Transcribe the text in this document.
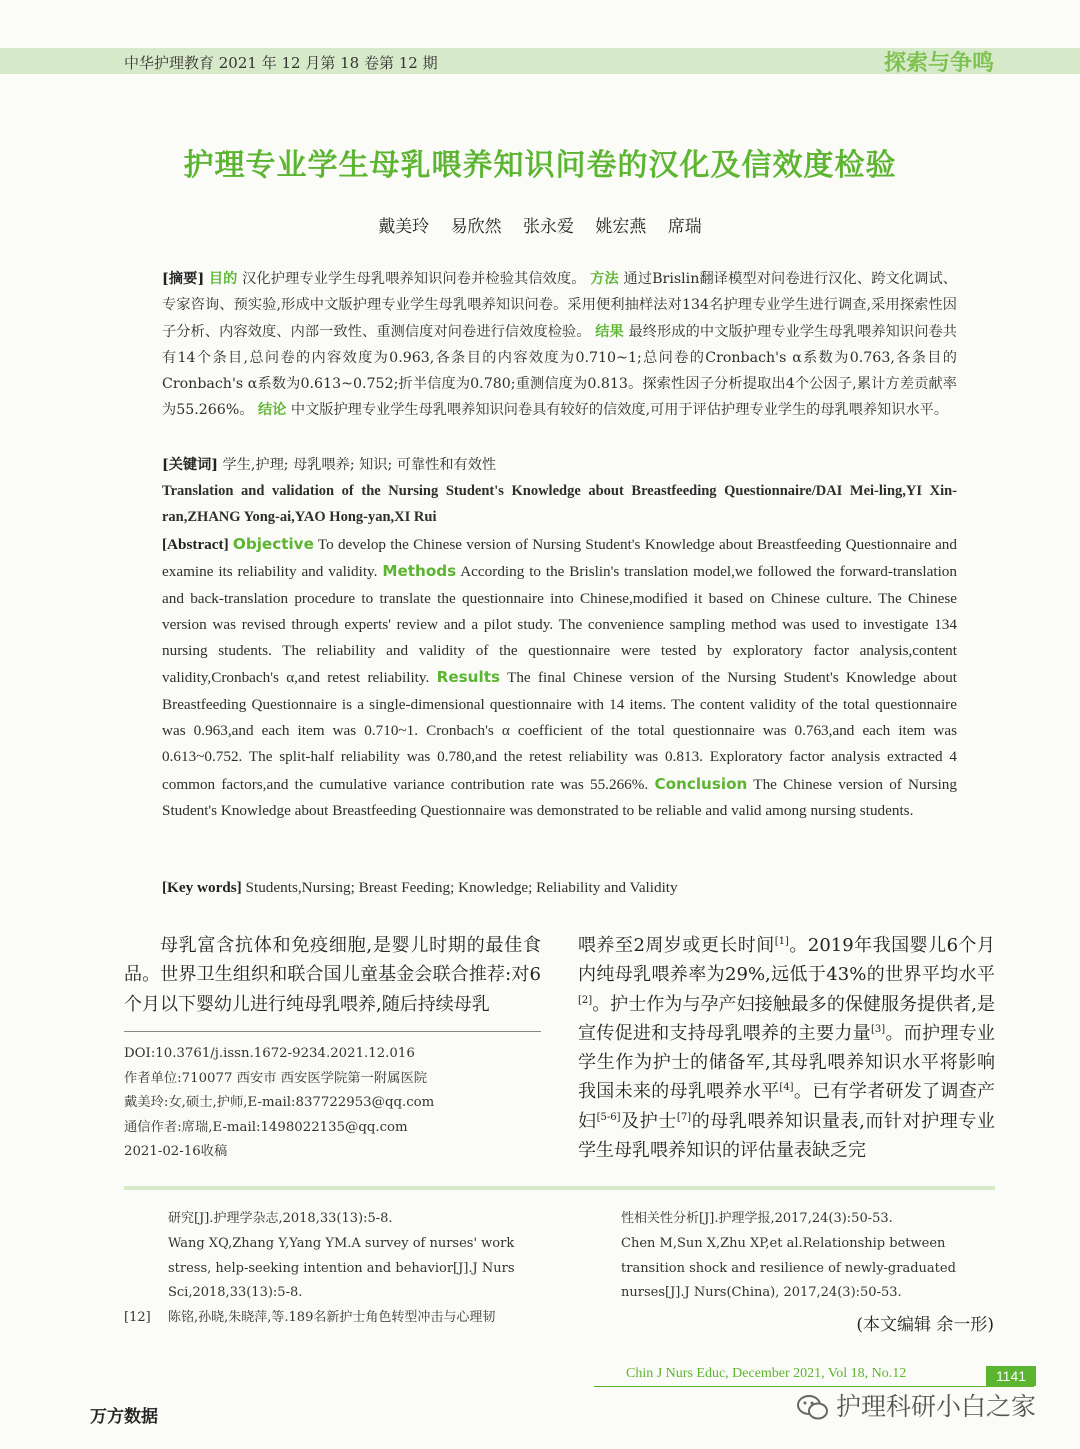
中华护理教育 2021 年 12 月第 18 卷第 12 期	探索与争鸣
护理专业学生母乳喂养知识问卷的汉化及信效度检验
戴美玲 易欣然 张永爱 姚宏燕 席瑞
[摘要] 目的 汉化护理专业学生母乳喂养知识问卷并检验其信效度。 方法 通过Brislin翻译模型对问卷进行汉化、跨文化调试、专家咨询、预实验,形成中文版护理专业学生母乳喂养知识问卷。采用便利抽样法对134名护理专业学生进行调查,采用探索性因子分析、内容效度、内部一致性、重测信度对问卷进行信效度检验。 结果 最终形成的中文版护理专业学生母乳喂养知识问卷共有14个条目,总问卷的内容效度为0.963,各条目的内容效度为0.710~1;总问卷的Cronbach's α系数为0.763,各条目的Cronbach's α系数为0.613~0.752;折半信度为0.780;重测信度为0.813。探索性因子分析提取出4个公因子,累计方差贡献率为55.266%。 结论 中文版护理专业学生母乳喂养知识问卷具有较好的信效度,可用于评估护理专业学生的母乳喂养知识水平。
[关键词] 学生,护理; 母乳喂养; 知识; 可靠性和有效性
Translation and validation of the Nursing Student's Knowledge about Breastfeeding Questionnaire/DAI Mei-ling,YI Xin-ran,ZHANG Yong-ai,YAO Hong-yan,XI Rui
[Abstract] Objective To develop the Chinese version of Nursing Student's Knowledge about Breastfeeding Questionnaire and examine its reliability and validity. Methods According to the Brislin's translation model,we followed the forward-translation and back-translation procedure to translate the questionnaire into Chinese,modified it based on Chinese culture. The Chinese version was revised through experts' review and a pilot study. The convenience sampling method was used to investigate 134 nursing students. The reliability and validity of the questionnaire were tested by exploratory factor analysis,content validity,Cronbach's α,and retest reliability. Results The final Chinese version of the Nursing Student's Knowledge about Breastfeeding Questionnaire is a single-dimensional questionnaire with 14 items. The content validity of the total questionnaire was 0.963,and each item was 0.710~1. Cronbach's α coefficient of the total questionnaire was 0.763,and each item was 0.613~0.752. The split-half reliability was 0.780,and the retest reliability was 0.813. Exploratory factor analysis extracted 4 common factors,and the cumulative variance contribution rate was 55.266%. Conclusion The Chinese version of Nursing Student's Knowledge about Breastfeeding Questionnaire was demonstrated to be reliable and valid among nursing students.
[Key words] Students,Nursing; Breast Feeding; Knowledge; Reliability and Validity
母乳富含抗体和免疫细胞,是婴儿时期的最佳食品。世界卫生组织和联合国儿童基金会联合推荐:对6个月以下婴幼儿进行纯母乳喂养,随后持续母乳
喂养至2周岁或更长时间[1]。2019年我国婴儿6个月内纯母乳喂养率为29%,远低于43%的世界平均水平[2]。护士作为与孕产妇接触最多的保健服务提供者,是宣传促进和支持母乳喂养的主要力量[3]。而护理专业学生作为护士的储备军,其母乳喂养知识水平将影响我国未来的母乳喂养水平[4]。已有学者研发了调查产妇[5-6]及护士[7]的母乳喂养知识量表,而针对护理专业学生母乳喂养知识的评估量表缺乏完
DOI:10.3761/j.issn.1672-9234.2021.12.016
作者单位:710077 西安市 西安医学院第一附属医院
戴美玲:女,硕士,护师,E-mail:837722953@qq.com
通信作者:席瑞,E-mail:1498022135@qq.com
2021-02-16收稿
研究[J].护理学杂志,2018,33(13):5-8.
Wang XQ,Zhang Y,Yang YM.A survey of nurses' work stress, help-seeking intention and behavior[J].J Nurs Sci,2018,33(13):5-8.
[12] 陈铭,孙晓,朱晓萍,等.189名新护士角色转型冲击与心理韧
性相关性分析[J].护理学报,2017,24(3):50-53.
Chen M,Sun X,Zhu XP,et al.Relationship between transition shock and resilience of newly-graduated nurses[J].J Nurs(China), 2017,24(3):50-53.
(本文编辑 余一形)
Chin J Nurs Educ, December 2021, Vol 18, No.12	1141
万方数据	护理科研小白之家
